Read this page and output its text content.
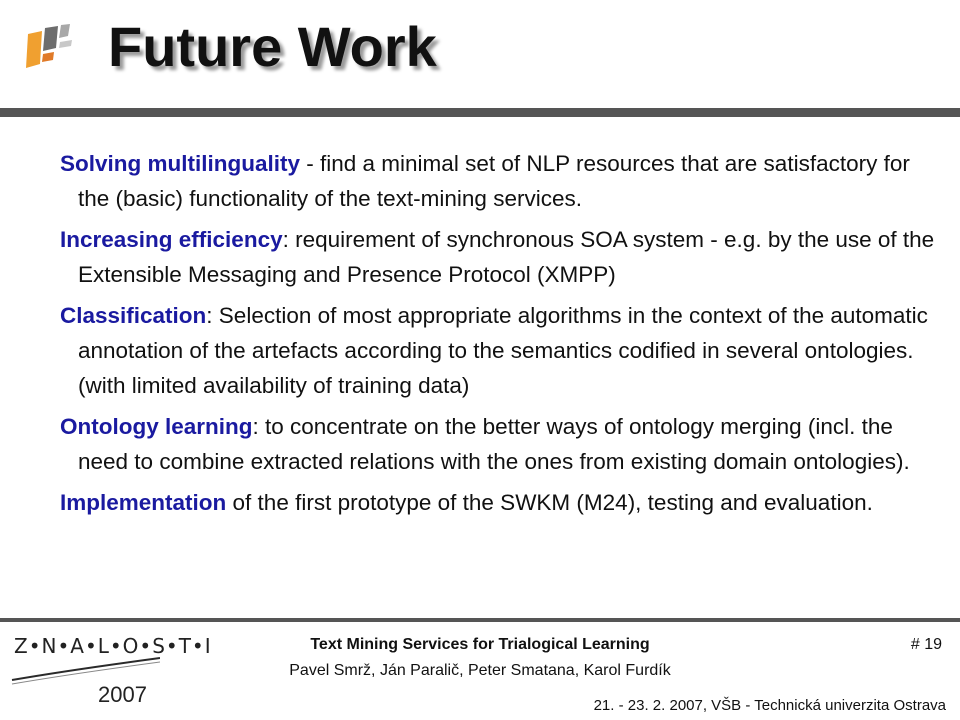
Future Work

Solving multilinguality - find a minimal set of NLP resources that are satisfactory for the (basic) functionality of the text-mining services.

Increasing efficiency: requirement of synchronous SOA system - e.g. by the use of the Extensible Messaging and Presence Protocol (XMPP)

Classification: Selection of most appropriate algorithms in the context of the automatic annotation of the artefacts according to the semantics codified in several ontologies. (with limited availability of training data)

Ontology learning: to concentrate on the better ways of ontology merging (incl. the need to combine extracted relations with the ones from existing domain ontologies).

Implementation of the first prototype of the SWKM (M24), testing and evaluation.

Z•N•A•L•O•S•T•I
2007
Text Mining Services for Trialogical Learning
Pavel Smrž, Ján Paralič, Peter Smatana, Karol Furdík
# 19
21. - 23. 2. 2007, VŠB - Technická univerzita Ostrava
